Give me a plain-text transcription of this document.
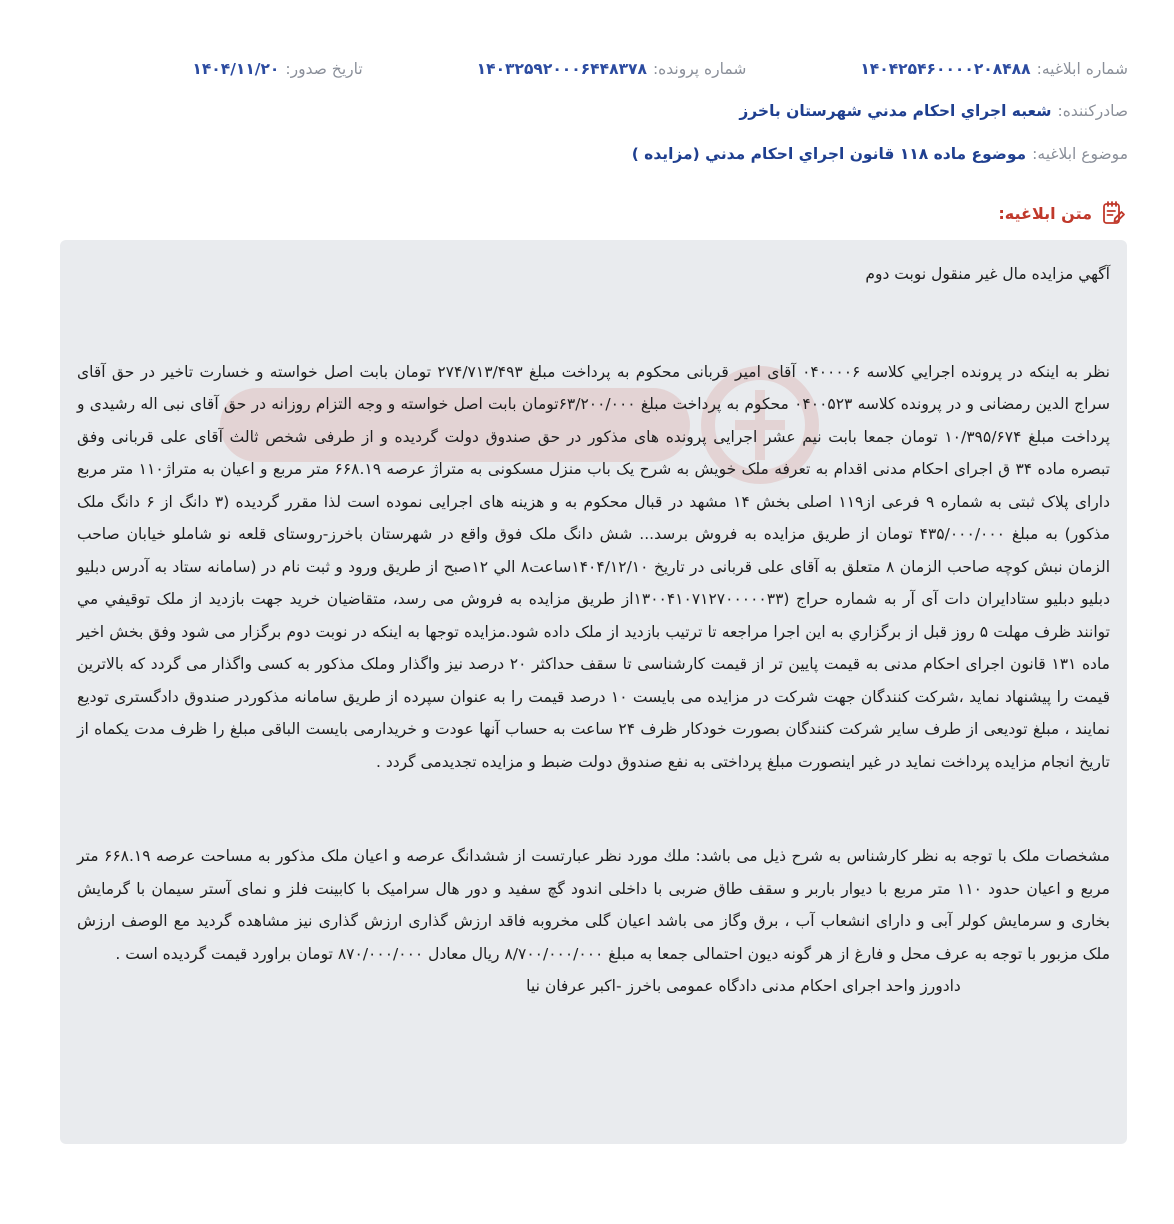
شماره ابلاغیه:
۱۴۰۴۲۵۴۶۰۰۰۰۲۰۸۴۸۸
شماره پرونده:
۱۴۰۳۲۵۹۲۰۰۰۶۴۴۸۳۷۸
تاریخ صدور:
۱۴۰۴/۱۱/۲۰
صادرکننده:
شعبه اجراي احكام مدني شهرستان باخرز
موضوع ابلاغیه:
موضوع ماده ۱۱۸ قانون اجراي احكام مدني (مزايده )
متن ابلاغیه:

آگهي مزايده مال غير منقول نوبت دوم

نظر به اینکه در پرونده اجرایي كلاسه ۰۴۰۰۰۰۶ آقای امیر قربانی محکوم به پرداخت مبلغ ۲۷۴/۷۱۳/۴۹۳ تومان بابت اصل خواسته و خسارت تاخیر در حق آقای سراج الدین رمضانی و در پرونده کلاسه ۰۴۰۰۵۲۳ محکوم به پرداخت مبلغ ۶۳/۲۰۰/۰۰۰تومان بابت اصل خواسته و وجه التزام روزانه در حق آقای نبی اله رشیدی و پرداخت مبلغ ۱۰/۳۹۵/۶۷۴ تومان جمعا بابت نیم عشر اجرایی پرونده های مذکور در حق صندوق دولت گردیده و از طرفی شخص ثالث آقای علی قربانی وفق تبصره ماده ۳۴ ق اجرای احکام مدنی اقدام به تعرفه ملک خویش به شرح یک باب منزل مسکونی به متراژ عرصه ۶۶۸.۱۹ متر مربع و اعیان به متراژ۱۱۰ متر مربع دارای پلاک ثبتی به شماره ۹ فرعی از۱۱۹ اصلی بخش ۱۴ مشهد در قبال محکوم به و هزینه های اجرایی نموده است لذا مقرر گردیده (۳ دانگ از ۶ دانگ ملک مذکور) به مبلغ ۴۳۵/۰۰۰/۰۰۰ تومان از طریق مزایده به فروش برسد... شش دانگ ملک فوق واقع در شهرستان باخرز-روستای قلعه نو شاملو خیابان صاحب الزمان نبش کوچه صاحب الزمان ۸ متعلق به آقای علی قربانی در تاریخ ۱۴۰۴/۱۲/۱۰ساعت۸ الي ۱۲صبح از طریق ورود و ثبت نام در (سامانه ستاد به آدرس دبلیو دبلیو دبلیو ستادایران دات آی آر به شماره حراج (۱۳۰۰۴۱۰۷۱۲۷۰۰۰۰۰۳۳از طریق مزایده به فروش می رسد، متقاضیان خرید جهت بازدید از ملک توقيفي مي توانند ظرف مهلت ۵ روز قبل از برگزاري به این اجرا مراجعه تا ترتیب بازدید از ملک داده شود.مزایده توجها به اینکه در نوبت دوم برگزار می شود وفق بخش اخیر ماده ۱۳۱ قانون اجرای احکام مدنی به قیمت پایین تر از قیمت کارشناسی تا سقف حداکثر ۲۰ درصد نیز واگذار وملک مذکور به کسی واگذار می گردد که بالاترین قیمت را پیشنهاد نماید ،شرکت کنندگان جهت شرکت در مزایده می بایست ۱۰ درصد قیمت را به عنوان سپرده از طریق سامانه مذکوردر صندوق دادگستری تودیع نمایند ، مبلغ تودیعی از طرف سایر شرکت کنندگان بصورت خودکار ظرف ۲۴ ساعت به حساب آنها عودت و خریدارمی بایست الباقی مبلغ را ظرف مدت یکماه از تاریخ انجام مزایده پرداخت نماید در غیر اینصورت مبلغ پرداختی به نفع صندوق دولت ضبط و مزایده تجدیدمی گردد .

مشخصات ملک با توجه به نظر کارشناس به شرح ذیل می باشد: ملك مورد نظر عبارتست از ششدانگ عرصه و اعيان ملک مذکور به مساحت عرصه ۶۶۸.۱۹ متر مربع و اعیان حدود ۱۱۰ متر مربع با دیوار باربر و سقف طاق ضربی با داخلی اندود گچ سفید و دور هال سرامیک با کابینت فلز و نمای آستر سیمان با گرمایش بخاری و سرمایش کولر آبی و دارای انشعاب آب ، برق وگاز می باشد اعیان گلی مخروبه فاقد ارزش گذاری ارزش گذاری نیز مشاهده گردید مع الوصف ارزش ملک مزبور با توجه به عرف محل و فارغ از هر گونه دیون احتمالی جمعا به مبلغ ۸/۷۰۰/۰۰۰/۰۰۰ ریال معادل ۸۷۰/۰۰۰/۰۰۰ تومان براورد قیمت گردیده است .

دادورز واحد اجرای احکام مدنی دادگاه عمومی باخرز -اکبر عرفان نیا
